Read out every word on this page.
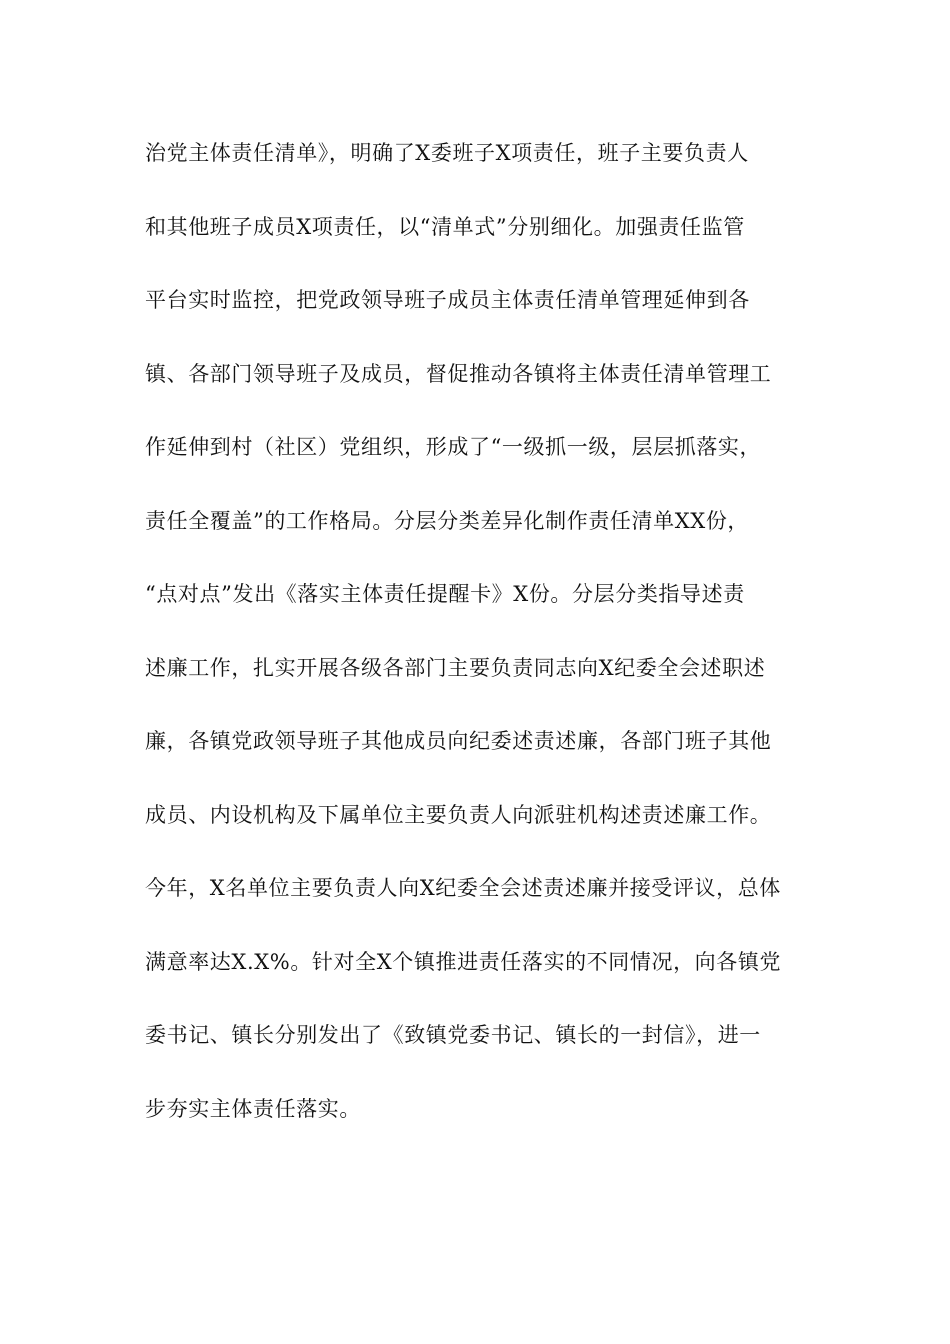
治党主体责任清单》，明确了X委班子X项责任，班子主要负责人
和其他班子成员X项责任，以“清单式”分别细化。加强责任监管
平台实时监控，把党政领导班子成员主体责任清单管理延伸到各
镇、各部门领导班子及成员，督促推动各镇将主体责任清单管理工
作延伸到村（社区）党组织，形成了“一级抓一级，层层抓落实，
责任全覆盖”的工作格局。分层分类差异化制作责任清单XX份，
“点对点”发出《落实主体责任提醒卡》X份。分层分类指导述责
述廉工作，扎实开展各级各部门主要负责同志向X纪委全会述职述
廉，各镇党政领导班子其他成员向纪委述责述廉，各部门班子其他
成员、内设机构及下属单位主要负责人向派驻机构述责述廉工作。
今年，X名单位主要负责人向X纪委全会述责述廉并接受评议，总体
满意率达X.X%。针对全X个镇推进责任落实的不同情况，向各镇党
委书记、镇长分别发出了《致镇党委书记、镇长的一封信》，进一
步夯实主体责任落实。
